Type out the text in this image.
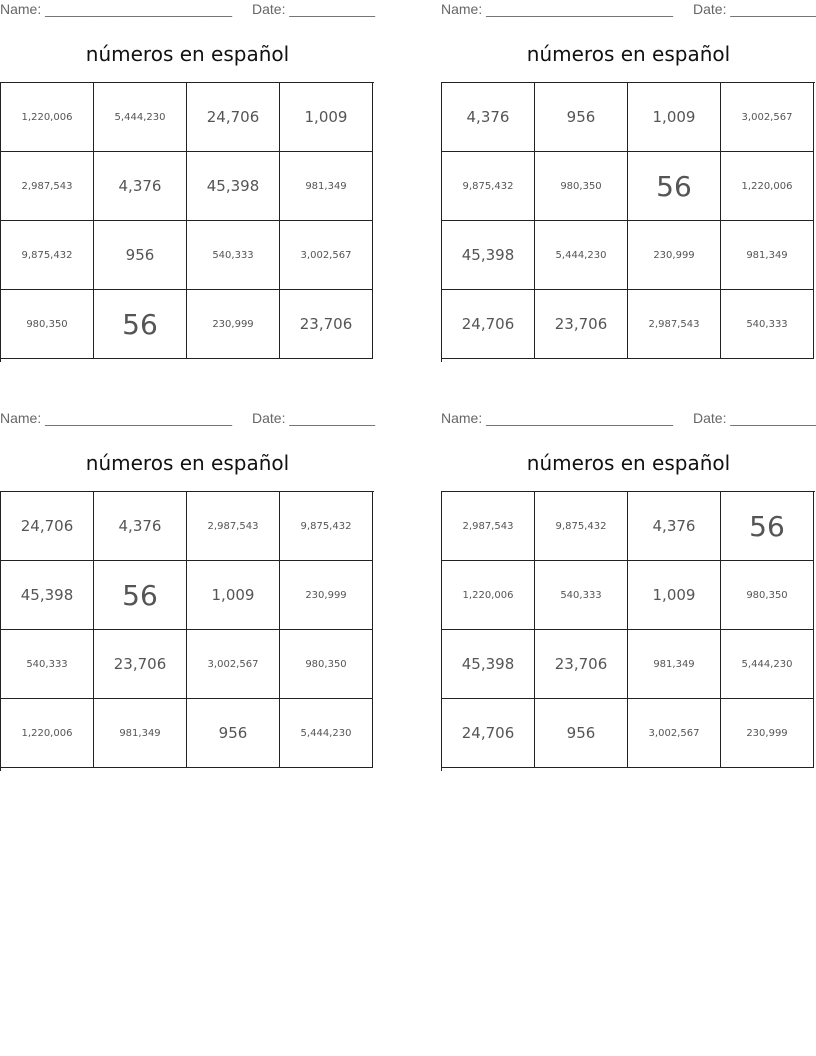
Name: ________________________ Date: ___________
números en español
1,220,006	5,444,230	24,706	1,009
2,987,543	4,376	45,398	981,349
9,875,432	956	540,333	3,002,567
980,350	56	230,999	23,706
Name: ________________________ Date: ___________
números en español
4,376	956	1,009	3,002,567
9,875,432	980,350	56	1,220,006
45,398	5,444,230	230,999	981,349
24,706	23,706	2,987,543	540,333
Name: ________________________ Date: ___________
números en español
24,706	4,376	2,987,543	9,875,432
45,398	56	1,009	230,999
540,333	23,706	3,002,567	980,350
1,220,006	981,349	956	5,444,230
Name: ________________________ Date: ___________
números en español
2,987,543	9,875,432	4,376	56
1,220,006	540,333	1,009	980,350
45,398	23,706	981,349	5,444,230
24,706	956	3,002,567	230,999
